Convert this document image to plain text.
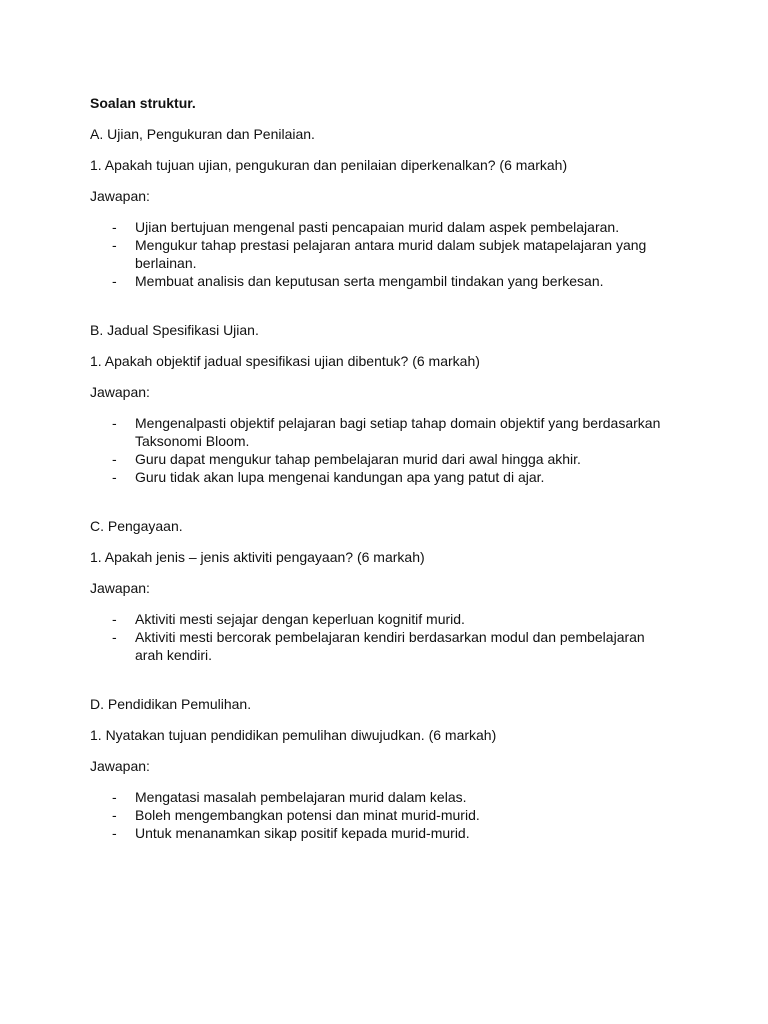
Soalan struktur.
A. Ujian, Pengukuran dan Penilaian.
1. Apakah tujuan ujian, pengukuran dan penilaian diperkenalkan? (6 markah)
Jawapan:
- Ujian bertujuan mengenal pasti pencapaian murid dalam aspek pembelajaran.
- Mengukur tahap prestasi pelajaran antara murid dalam subjek matapelajaran yang berlainan.
- Membuat analisis dan keputusan serta mengambil tindakan yang berkesan.
B. Jadual Spesifikasi Ujian.
1. Apakah objektif jadual spesifikasi ujian dibentuk? (6 markah)
Jawapan:
- Mengenalpasti objektif pelajaran bagi setiap tahap domain objektif yang berdasarkan Taksonomi Bloom.
- Guru dapat mengukur tahap pembelajaran murid dari awal hingga akhir.
- Guru tidak akan lupa mengenai kandungan apa yang patut di ajar.
C. Pengayaan.
1. Apakah jenis – jenis aktiviti pengayaan? (6 markah)
Jawapan:
- Aktiviti mesti sejajar dengan keperluan kognitif murid.
- Aktiviti mesti bercorak pembelajaran kendiri berdasarkan modul dan pembelajaran arah kendiri.
D. Pendidikan Pemulihan.
1. Nyatakan tujuan pendidikan pemulihan diwujudkan. (6 markah)
Jawapan:
- Mengatasi masalah pembelajaran murid dalam kelas.
- Boleh mengembangkan potensi dan minat murid-murid.
- Untuk menanamkan sikap positif kepada murid-murid.
